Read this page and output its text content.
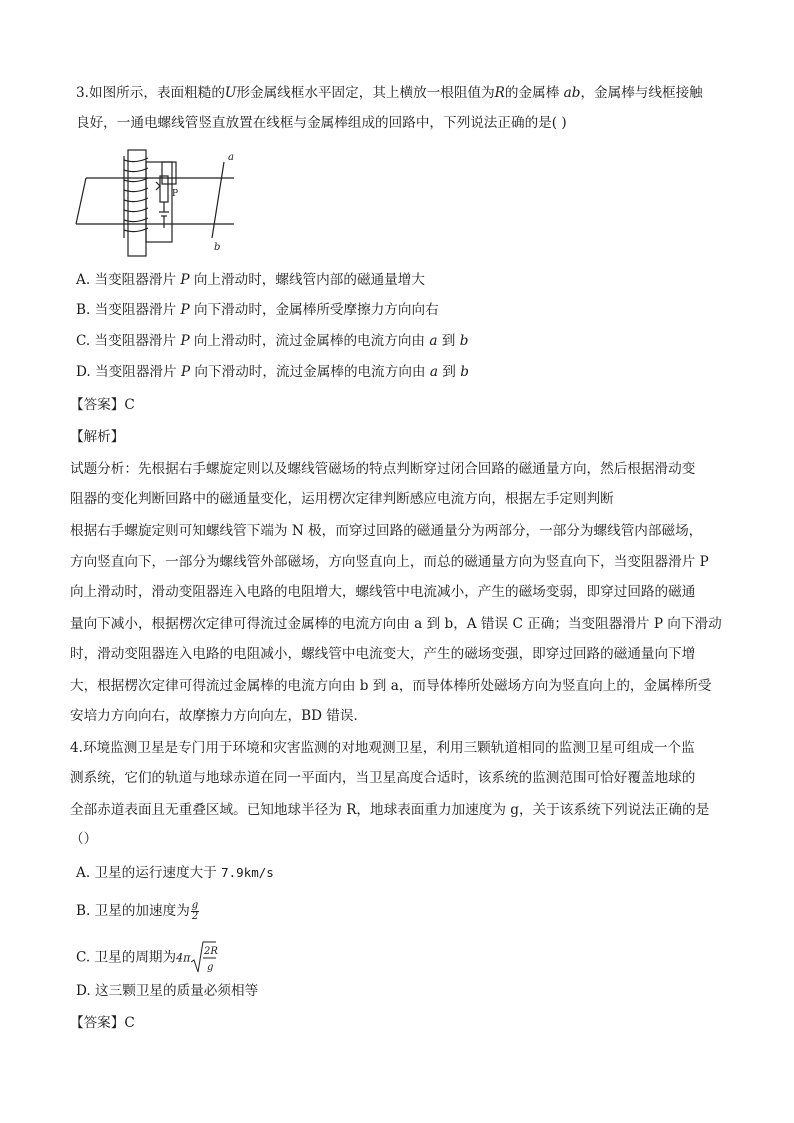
3.如图所示，表面粗糙的U形金属线框水平固定，其上横放一根阻值为R的金属棒 ab，金属棒与线框接触
良好，一通电螺线管竖直放置在线框与金属棒组成的回路中，下列说法正确的是( )
a
b
P
A. 当变阻器滑片 P 向上滑动时，螺线管内部的磁通量增大
B. 当变阻器滑片 P 向下滑动时，金属棒所受摩擦力方向向右
C. 当变阻器滑片 P 向上滑动时，流过金属棒的电流方向由 a 到 b
D. 当变阻器滑片 P 向下滑动时，流过金属棒的电流方向由 a 到 b
【答案】C
【解析】
试题分析：先根据右手螺旋定则以及螺线管磁场的特点判断穿过闭合回路的磁通量方向，然后根据滑动变
阻器的变化判断回路中的磁通量变化，运用楞次定律判断感应电流方向，根据左手定则判断
根据右手螺旋定则可知螺线管下端为 N 极，而穿过回路的磁通量分为两部分，一部分为螺线管内部磁场，
方向竖直向下，一部分为螺线管外部磁场，方向竖直向上，而总的磁通量方向为竖直向下，当变阻器滑片 P
向上滑动时，滑动变阻器连入电路的电阻增大，螺线管中电流减小，产生的磁场变弱，即穿过回路的磁通
量向下减小，根据楞次定律可得流过金属棒的电流方向由 a 到 b，A 错误 C 正确；当变阻器滑片 P 向下滑动
时，滑动变阻器连入电路的电阻减小，螺线管中电流变大，产生的磁场变强，即穿过回路的磁通量向下增
大，根据楞次定律可得流过金属棒的电流方向由 b 到 a，而导体棒所处磁场方向为竖直向上的，金属棒所受
安培力方向向右，故摩擦力方向向左，BD 错误．
4.环境监测卫星是专门用于环境和灾害监测的对地观测卫星，利用三颗轨道相同的监测卫星可组成一个监
测系统，它们的轨道与地球赤道在同一平面内，当卫星高度合适时，该系统的监测范围可恰好覆盖地球的
全部赤道表面且无重叠区域。已知地球半径为 R，地球表面重力加速度为 g，关于该系统下列说法正确的是
（）
A. 卫星的运行速度大于 7.9km/s
B. 卫星的加速度为 $\frac{g}{2}$
C. 卫星的周期为4π 2R
g
D. 这三颗卫星的质量必须相等
【答案】C
